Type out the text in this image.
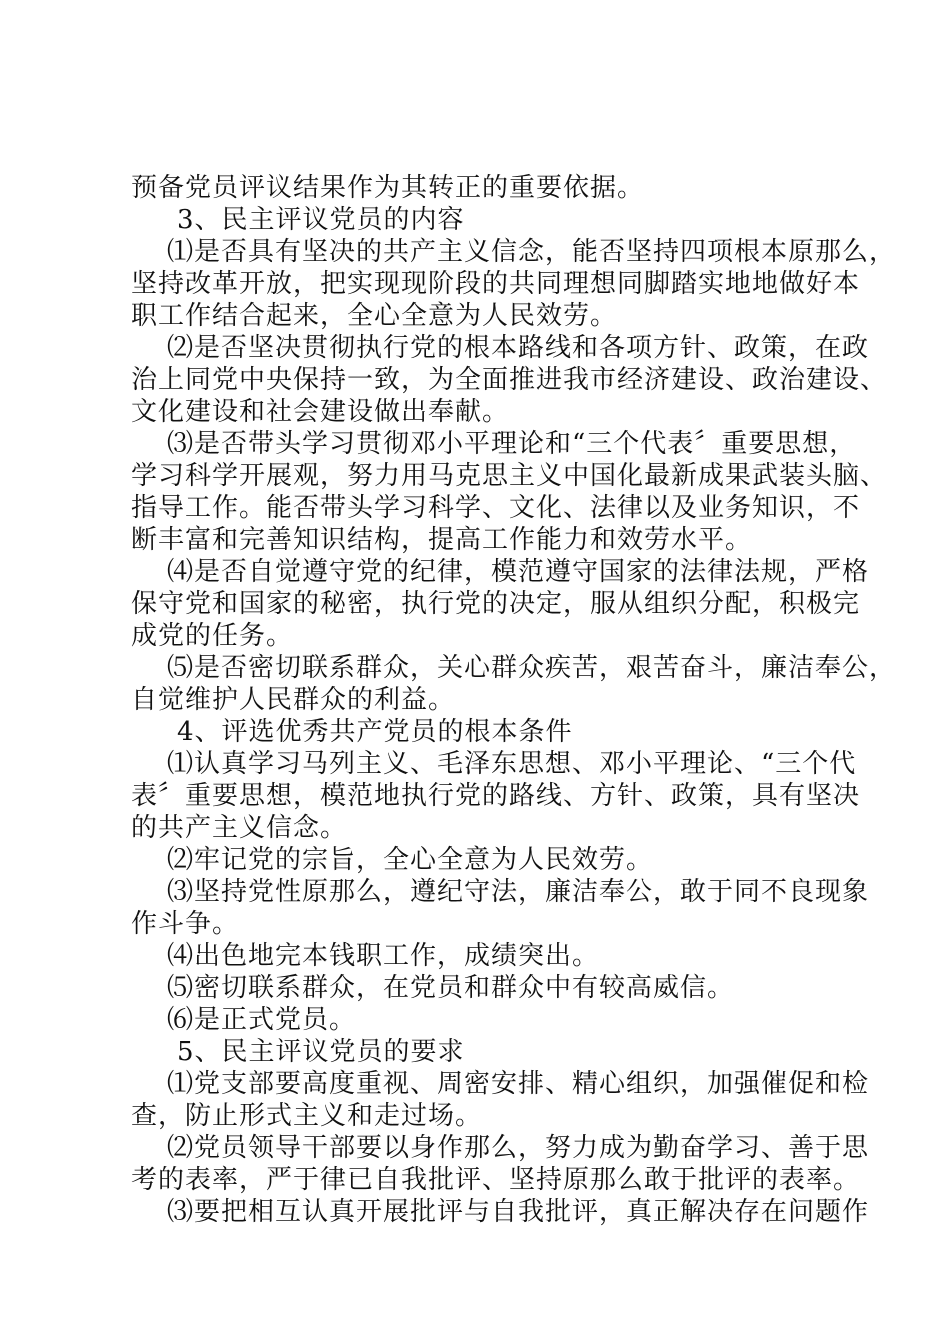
预备党员评议结果作为其转正的重要依据。
3、民主评议党员的内容
⑴是否具有坚决的共产主义信念，能否坚持四项根本原那么，
坚持改革开放，把实现现阶段的共同理想同脚踏实地地做好本
职工作结合起来，全心全意为人民效劳。
⑵是否坚决贯彻执行党的根本路线和各项方针、政策，在政
治上同党中央保持一致，为全面推进我市经济建设、政治建设、
文化建设和社会建设做出奉献。
⑶是否带头学习贯彻邓小平理论和“三个代表〞重要思想，
学习科学开展观，努力用马克思主义中国化最新成果武装头脑、
指导工作。能否带头学习科学、文化、法律以及业务知识，不
断丰富和完善知识结构，提高工作能力和效劳水平。
⑷是否自觉遵守党的纪律，模范遵守国家的法律法规，严格
保守党和国家的秘密，执行党的决定，服从组织分配，积极完
成党的任务。
⑸是否密切联系群众，关心群众疾苦，艰苦奋斗，廉洁奉公，
自觉维护人民群众的利益。
4、评选优秀共产党员的根本条件
⑴认真学习马列主义、毛泽东思想、邓小平理论、“三个代
表〞重要思想，模范地执行党的路线、方针、政策，具有坚决
的共产主义信念。
⑵牢记党的宗旨，全心全意为人民效劳。
⑶坚持党性原那么，遵纪守法，廉洁奉公，敢于同不良现象
作斗争。
⑷出色地完本钱职工作，成绩突出。
⑸密切联系群众，在党员和群众中有较高威信。
⑹是正式党员。
5、民主评议党员的要求
⑴党支部要高度重视、周密安排、精心组织，加强催促和检
查，防止形式主义和走过场。
⑵党员领导干部要以身作那么，努力成为勤奋学习、善于思
考的表率，严于律已自我批评、坚持原那么敢于批评的表率。
⑶要把相互认真开展批评与自我批评，真正解决存在问题作
